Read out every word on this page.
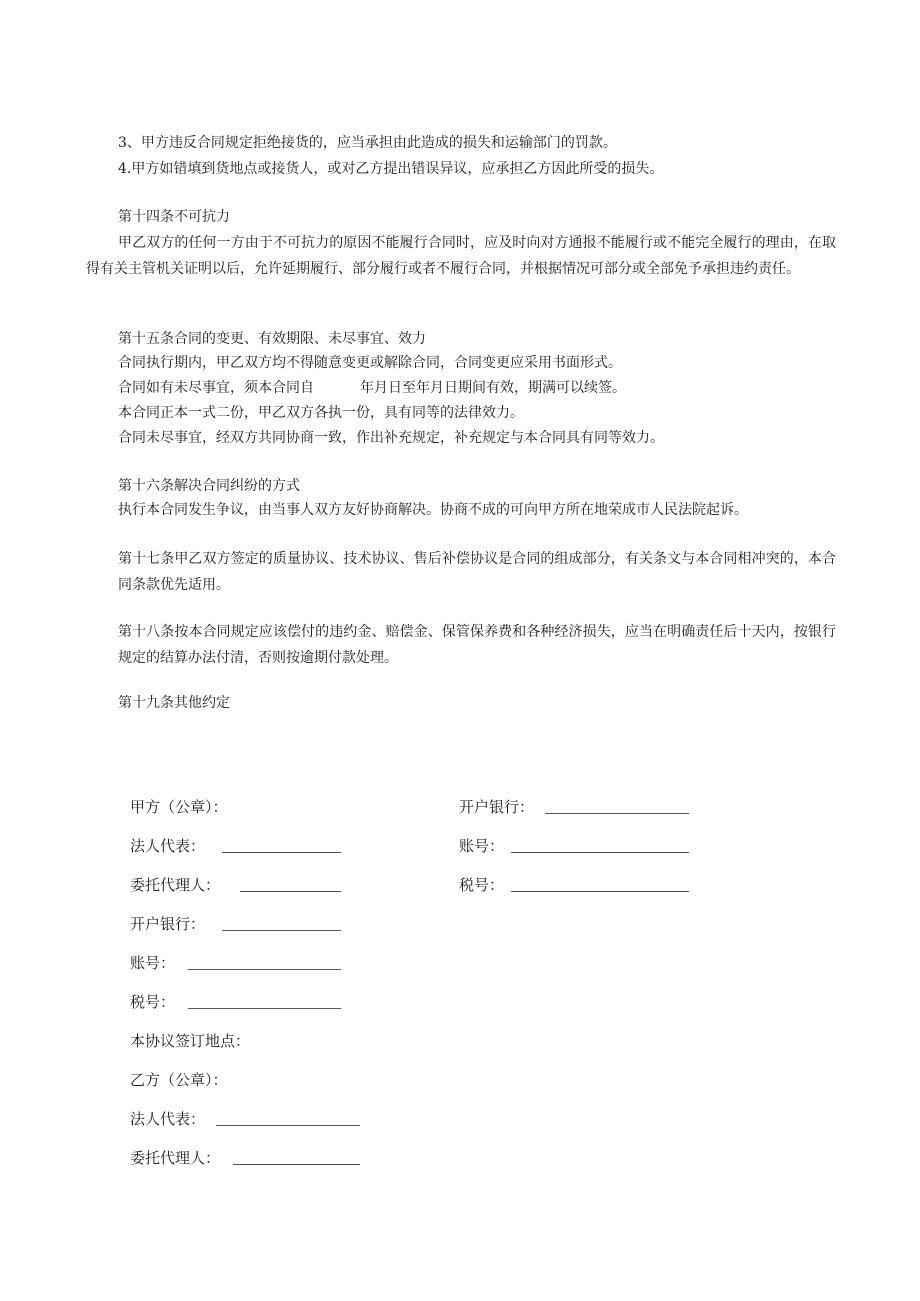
3、甲方违反合同规定拒绝接货的，应当承担由此造成的损失和运输部门的罚款。
4.甲方如错填到货地点或接货人，或对乙方提出错误异议，应承担乙方因此所受的损失。
第十四条不可抗力
甲乙双方的任何一方由于不可抗力的原因不能履行合同时，应及时向对方通报不能履行或不能完全履行的理由，在取得有关主管机关证明以后，允许延期履行、部分履行或者不履行合同，并根据情况可部分或全部免予承担违约责任。
第十五条合同的变更、有效期限、未尽事宜、效力
合同执行期内，甲乙双方均不得随意变更或解除合同，合同变更应采用书面形式。
合同如有未尽事宜，须本合同自	年月日至年月日期间有效，期满可以续签。
本合同正本一式二份，甲乙双方各执一份，具有同等的法律效力。
合同未尽事宜，经双方共同协商一致，作出补充规定，补充规定与本合同具有同等效力。
第十六条解决合同纠纷的方式
执行本合同发生争议，由当事人双方友好协商解决。协商不成的可向甲方所在地荣成市人民法院起诉。
第十七条甲乙双方签定的质量协议、技术协议、售后补偿协议是合同的组成部分，有关条文与本合同相冲突的，本合同条款优先适用。
第十八条按本合同规定应该偿付的违约金、赔偿金、保管保养费和各种经济损失，应当在明确责任后十天内，按银行规定的结算办法付清，否则按逾期付款处理。
第十九条其他约定
甲方（公章）：
法人代表：
委托代理人：
开户银行：
账号：
税号：
本协议签订地点：
乙方（公章）：
法人代表：
委托代理人：
开户银行：
账号：
税号：
